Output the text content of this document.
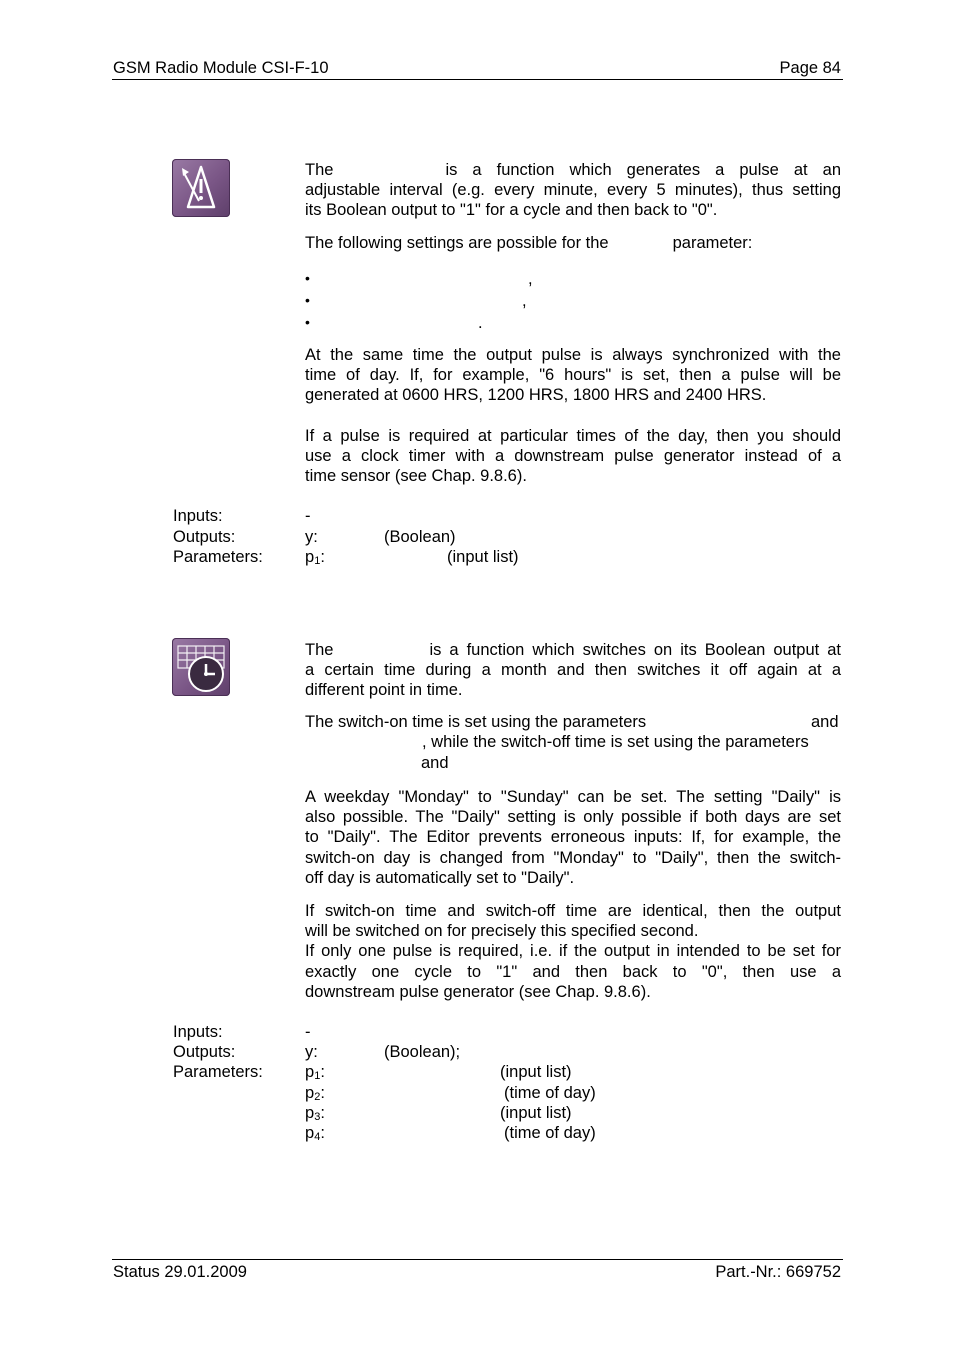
GSM Radio Module CSI-F-10	Page 84
The	is a function which generates a pulse at an
adjustable interval (e.g. every minute, every 5 minutes), thus setting
its Boolean output to "1" for a cycle and then back to "0".
The following settings are possible for the	parameter:
•	,
•	,
•	.
At the same time the output pulse is always synchronized with the
time of day. If, for example, "6 hours" is set, then a pulse will be
generated at 0600 HRS, 1200 HRS, 1800 HRS and 2400 HRS.
If a pulse is required at particular times of the day, then you should
use a clock timer with a downstream pulse generator instead of a
time sensor (see Chap. 9.8.6).
Inputs:	-
Outputs:	y:	(Boolean)
Parameters:	$p_1$:	(input list)
The	is a function which switches on its Boolean output at
a certain time during a month and then switches it off again at a
different point in time.
The switch-on time is set using the parameters	and
, while the switch-off time is set using the parameters
and
A weekday "Monday" to "Sunday" can be set. The setting "Daily" is
also possible. The "Daily" setting is only possible if both days are set
to "Daily". The Editor prevents erroneous inputs: If, for example, the
switch-on day is changed from "Monday" to "Daily", then the switch-
off day is automatically set to "Daily".
If switch-on time and switch-off time are identical, then the output
will be switched on for precisely this specified second.
If only one pulse is required, i.e. if the output in intended to be set for
exactly one cycle to "1" and then back to "0", then use a
downstream pulse generator (see Chap. 9.8.6).
Inputs:	-
Outputs:	y:	(Boolean);
Parameters:	$p_1$:	(input list)
$p_2$:	(time of day)
$p_3$:	(input list)
$p_4$:	(time of day)
Status 29.01.2009	Part.-Nr.: 669752
